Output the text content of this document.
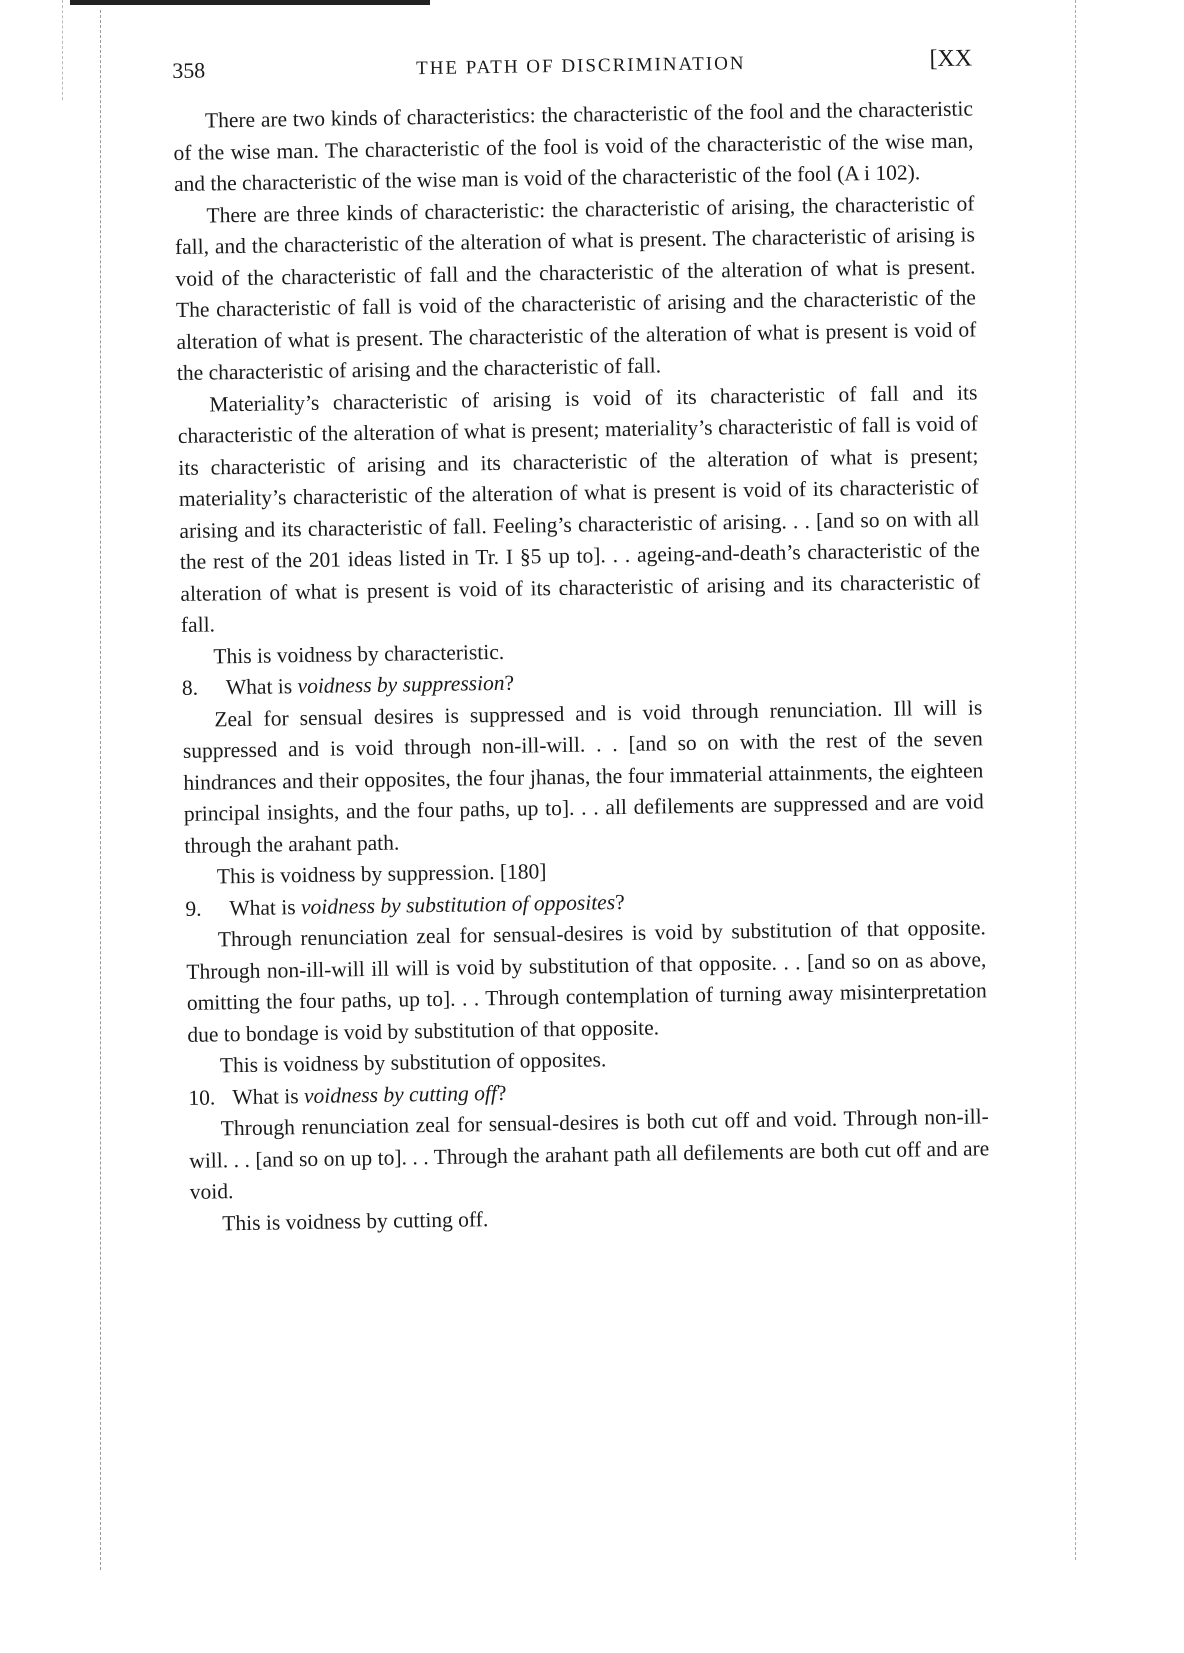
358	THE PATH OF DISCRIMINATION	[XX

There are two kinds of characteristics: the characteristic of the fool and the characteristic of the wise man. The characteristic of the fool is void of the characteristic of the wise man, and the characteristic of the wise man is void of the characteristic of the fool (A i 102).

There are three kinds of characteristic: the characteristic of arising, the characteristic of fall, and the characteristic of the alteration of what is present. The characteristic of arising is void of the characteristic of fall and the characteristic of the alteration of what is present. The characteristic of fall is void of the characteristic of arising and the characteristic of the alteration of what is present. The characteristic of the alteration of what is present is void of the characteristic of arising and the characteristic of fall.

Materiality’s characteristic of arising is void of its characteristic of fall and its characteristic of the alteration of what is present; materiality’s characteristic of fall is void of its characteristic of arising and its characteristic of the alteration of what is present; materiality’s characteristic of the alteration of what is present is void of its characteristic of arising and its characteristic of fall. Feeling’s characteristic of arising. . . [and so on with all the rest of the 201 ideas listed in Tr. I §5 up to]. . . ageing-and-death’s characteristic of the alteration of what is present is void of its characteristic of arising and its characteristic of fall.

This is voidness by characteristic.

8. What is voidness by suppression?

Zeal for sensual desires is suppressed and is void through renunciation. Ill will is suppressed and is void through non-ill-will. . . [and so on with the rest of the seven hindrances and their opposites, the four jhanas, the four immaterial attainments, the eighteen principal insights, and the four paths, up to]. . . all defilements are suppressed and are void through the arahant path.

This is voidness by suppression. [180]

9. What is voidness by substitution of opposites?

Through renunciation zeal for sensual-desires is void by substitution of that opposite. Through non-ill-will ill will is void by substitution of that opposite. . . [and so on as above, omitting the four paths, up to]. . . Through contemplation of turning away misinterpretation due to bondage is void by substitution of that opposite.

This is voidness by substitution of opposites.

10. What is voidness by cutting off?

Through renunciation zeal for sensual-desires is both cut off and void. Through non-ill-will. . . [and so on up to]. . . Through the arahant path all defilements are both cut off and are void.

This is voidness by cutting off.
